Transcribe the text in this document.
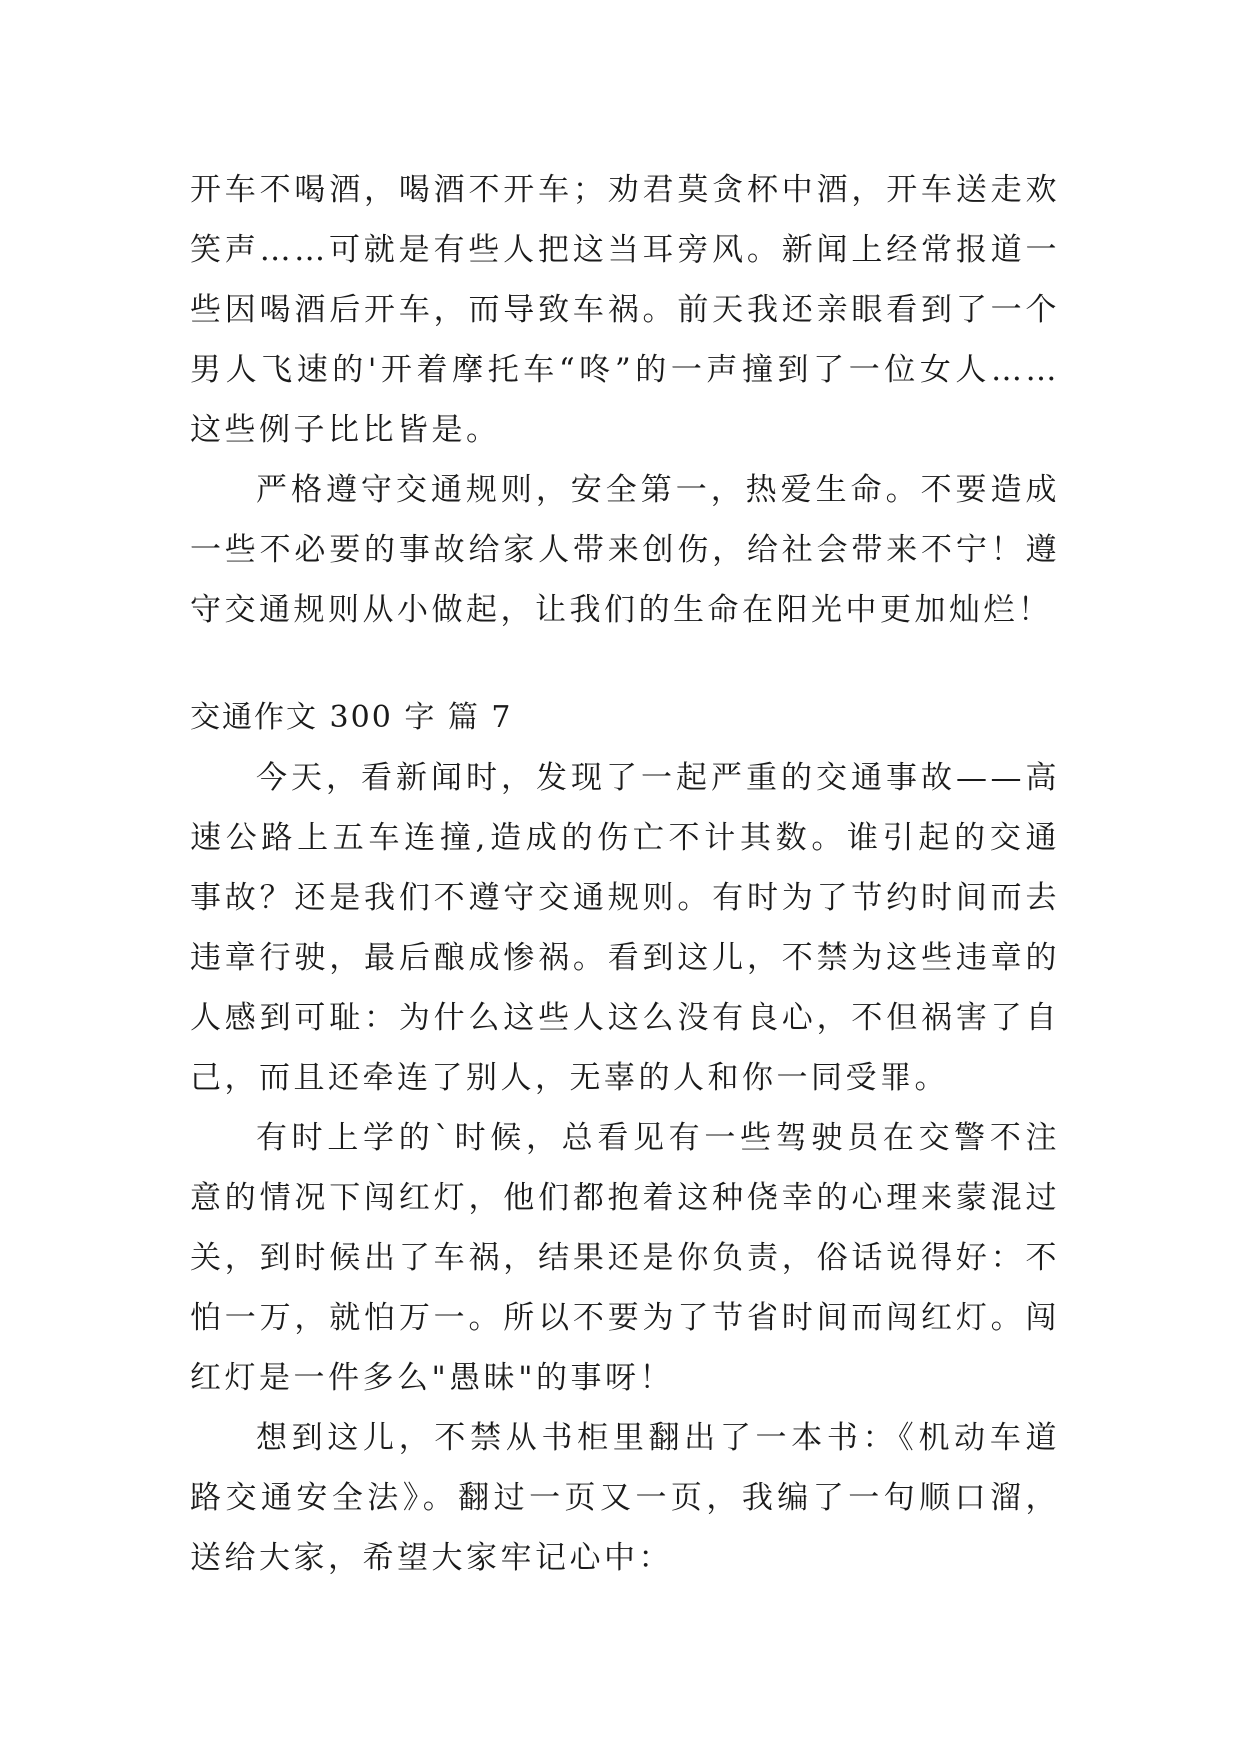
开车不喝酒，喝酒不开车；劝君莫贪杯中酒，开车送走欢笑声……可就是有些人把这当耳旁风。新闻上经常报道一些因喝酒后开车，而导致车祸。前天我还亲眼看到了一个男人飞速的'开着摩托车“咚”的一声撞到了一位女人……这些例子比比皆是。

严格遵守交通规则，安全第一，热爱生命。不要造成一些不必要的事故给家人带来创伤，给社会带来不宁！遵守交通规则从小做起，让我们的生命在阳光中更加灿烂！

交通作文 300 字 篇 7

今天，看新闻时，发现了一起严重的交通事故——高速公路上五车连撞,造成的伤亡不计其数。谁引起的交通事故？还是我们不遵守交通规则。有时为了节约时间而去违章行驶，最后酿成惨祸。看到这儿，不禁为这些违章的人感到可耻：为什么这些人这么没有良心，不但祸害了自己，而且还牵连了别人，无辜的人和你一同受罪。

有时上学的`时候，总看见有一些驾驶员在交警不注意的情况下闯红灯，他们都抱着这种侥幸的心理来蒙混过关，到时候出了车祸，结果还是你负责，俗话说得好：不怕一万，就怕万一。所以不要为了节省时间而闯红灯。闯红灯是一件多么"愚昧"的事呀！

想到这儿，不禁从书柜里翻出了一本书：《机动车道路交通安全法》。翻过一页又一页，我编了一句顺口溜，送给大家，希望大家牢记心中：
